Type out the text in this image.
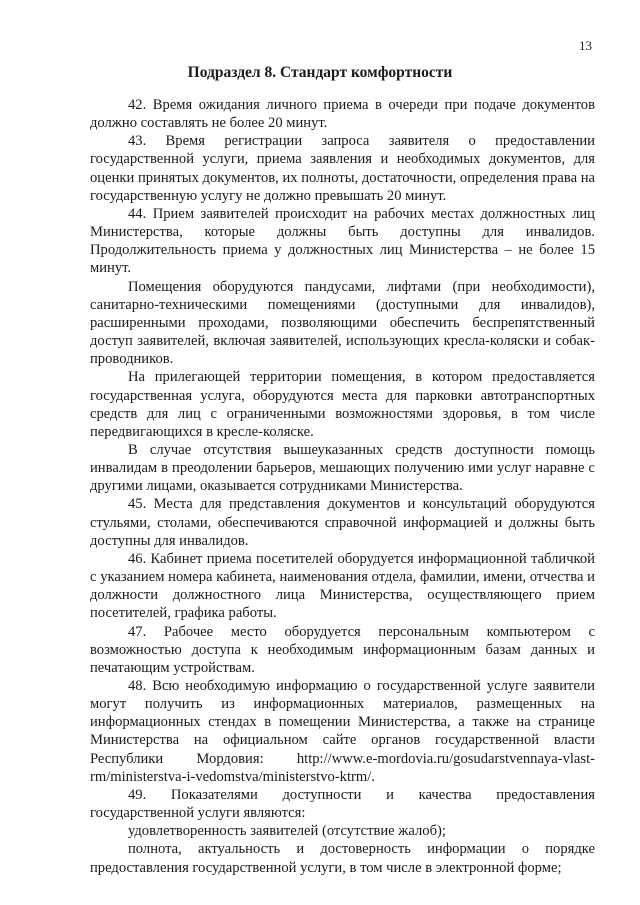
13
Подраздел 8. Стандарт комфортности

42. Время ожидания личного приема в очереди при подаче документов должно составлять не более 20 минут.

43. Время регистрации запроса заявителя о предоставлении государственной услуги, приема заявления и необходимых документов, для оценки принятых документов, их полноты, достаточности, определения права на государственную услугу не должно превышать 20 минут.

44. Прием заявителей происходит на рабочих местах должностных лиц Министерства, которые должны быть доступны для инвалидов. Продолжительность приема у должностных лиц Министерства – не более 15 минут.

Помещения оборудуются пандусами, лифтами (при необходимости), санитарно-техническими помещениями (доступными для инвалидов), расширенными проходами, позволяющими обеспечить беспрепятственный доступ заявителей, включая заявителей, использующих кресла-коляски и собак-проводников.

На прилегающей территории помещения, в котором предоставляется государственная услуга, оборудуются места для парковки автотранспортных средств для лиц с ограниченными возможностями здоровья, в том числе передвигающихся в кресле-коляске.

В случае отсутствия вышеуказанных средств доступности помощь инвалидам в преодолении барьеров, мешающих получению ими услуг наравне с другими лицами, оказывается сотрудниками Министерства.

45. Места для представления документов и консультаций оборудуются стульями, столами, обеспечиваются справочной информацией и должны быть доступны для инвалидов.

46. Кабинет приема посетителей оборудуется информационной табличкой с указанием номера кабинета, наименования отдела, фамилии, имени, отчества и должности должностного лица Министерства, осуществляющего прием посетителей, графика работы.

47. Рабочее место оборудуется персональным компьютером с возможностью доступа к необходимым информационным базам данных и печатающим устройствам.

48. Всю необходимую информацию о государственной услуге заявители могут получить из информационных материалов, размещенных на информационных стендах в помещении Министерства, а также на странице Министерства на официальном сайте органов государственной власти Республики Мордовия: http://www.e-mordovia.ru/gosudarstvennaya-vlast-rm/ministerstva-i-vedomstva/ministerstvo-ktrm/.

49. Показателями доступности и качества предоставления государственной услуги являются:

удовлетворенность заявителей (отсутствие жалоб);

полнота, актуальность и достоверность информации о порядке предоставления государственной услуги, в том числе в электронной форме;
